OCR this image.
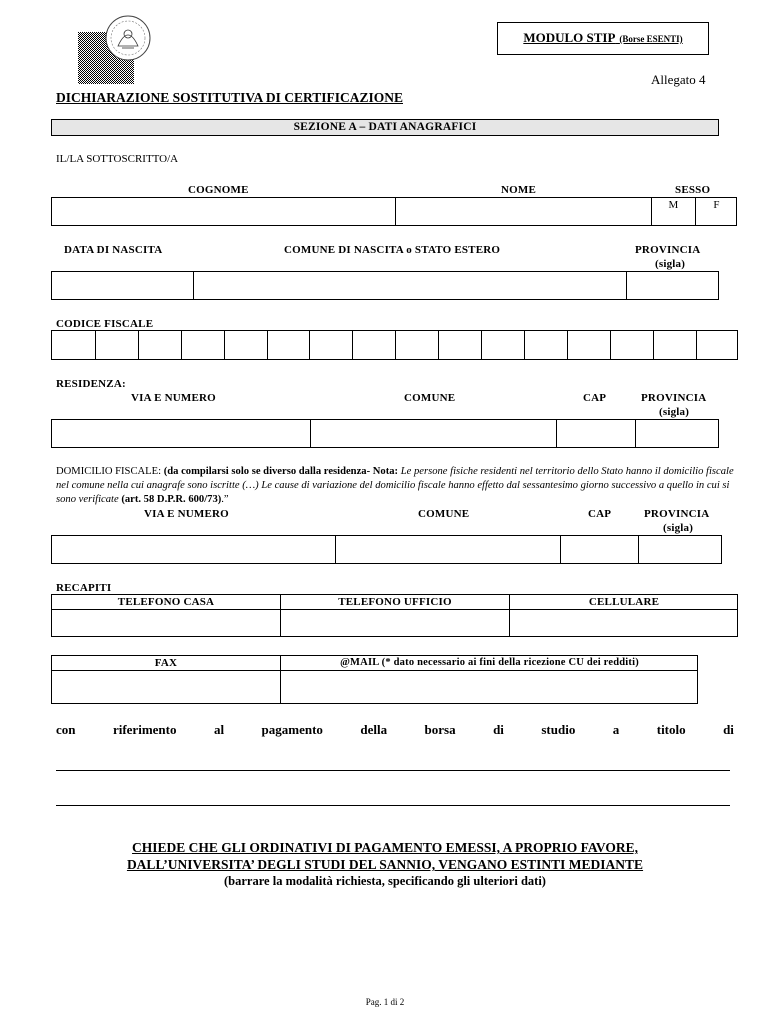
MODULO STIP (Borse ESENTI)
Allegato 4
DICHIARAZIONE SOSTITUTIVA DI CERTIFICAZIONE
SEZIONE A – DATI ANAGRAFICI
IL/LA SOTTOSCRITTO/A
COGNOME	NOME	SESSO
M	F
DATA DI NASCITA	COMUNE DI NASCITA o STATO ESTERO	PROVINCIA
(sigla)
CODICE FISCALE
RESIDENZA:
VIA E NUMERO	COMUNE	CAP	PROVINCIA
(sigla)
DOMICILIO FISCALE: (da compilarsi solo se diverso dalla residenza- Nota: Le persone fisiche residenti nel territorio dello Stato hanno il domicilio fiscale nel comune nella cui anagrafe sono iscritte (…) Le cause di variazione del domicilio fiscale hanno effetto dal sessantesimo giorno successivo a quello in cui si sono verificate (art. 58 D.P.R. 600/73).”
VIA E NUMERO	COMUNE	CAP	PROVINCIA
(sigla)
RECAPITI
TELEFONO CASA	TELEFONO UFFICIO	CELLULARE
FAX	@MAIL (* dato necessario ai fini della ricezione CU dei redditi)
con	riferimento	al	pagamento	della	borsa	di	studio	a	titolo	di
CHIEDE CHE GLI ORDINATIVI DI PAGAMENTO EMESSI, A PROPRIO FAVORE,
DALL’UNIVERSITA’ DEGLI STUDI DEL SANNIO, VENGANO ESTINTI MEDIANTE
(barrare la modalità richiesta, specificando gli ulteriori dati)
Pag. 1 di 2
